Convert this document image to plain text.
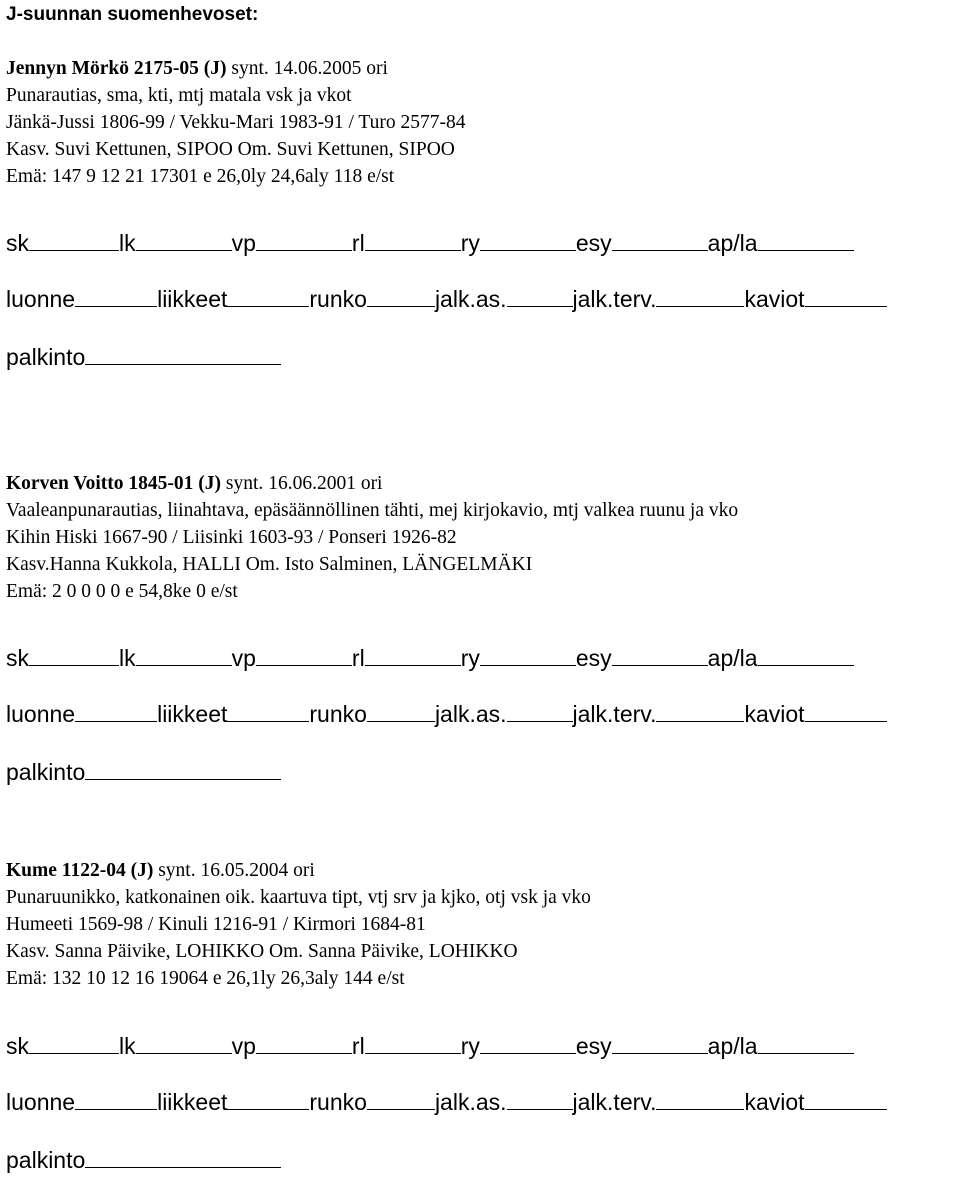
J-suunnan suomenhevoset:
Jennyn Mörkö 2175-05 (J) synt. 14.06.2005 ori
Punarautias, sma, kti, mtj matala vsk ja vkot
Jänkä-Jussi 1806-99 / Vekku-Mari 1983-91 / Turo 2577-84
Kasv. Suvi Kettunen, SIPOO Om. Suvi Kettunen, SIPOO
Emä: 147 9 12 21 17301 e 26,0ly 24,6aly 118 e/st
sk	lk	vp	rl	ry	esy	ap/la
luonne	liikkeet	runko	jalk.as.	jalk.terv.	kaviot
palkinto
Korven Voitto 1845-01 (J) synt. 16.06.2001 ori
Vaaleanpunarautias, liinahtava, epäsäännöllinen tähti, mej kirjokavio, mtj valkea ruunu ja vko
Kihin Hiski 1667-90 / Liisinki 1603-93 / Ponseri 1926-82
Kasv.Hanna Kukkola, HALLI Om. Isto Salminen, LÄNGELMÄKI
Emä: 2 0 0 0 0 e 54,8ke 0 e/st
sk	lk	vp	rl	ry	esy	ap/la
luonne	liikkeet	runko	jalk.as.	jalk.terv.	kaviot
palkinto
Kume 1122-04 (J) synt. 16.05.2004 ori
Punaruunikko, katkonainen oik. kaartuva tipt, vtj srv ja kjko, otj vsk ja vko
Humeeti 1569-98 / Kinuli 1216-91 / Kirmori 1684-81
Kasv. Sanna Päivike, LOHIKKO Om. Sanna Päivike, LOHIKKO
Emä: 132 10 12 16 19064 e 26,1ly 26,3aly 144 e/st
sk	lk	vp	rl	ry	esy	ap/la
luonne	liikkeet	runko	jalk.as.	jalk.terv.	kaviot
palkinto
